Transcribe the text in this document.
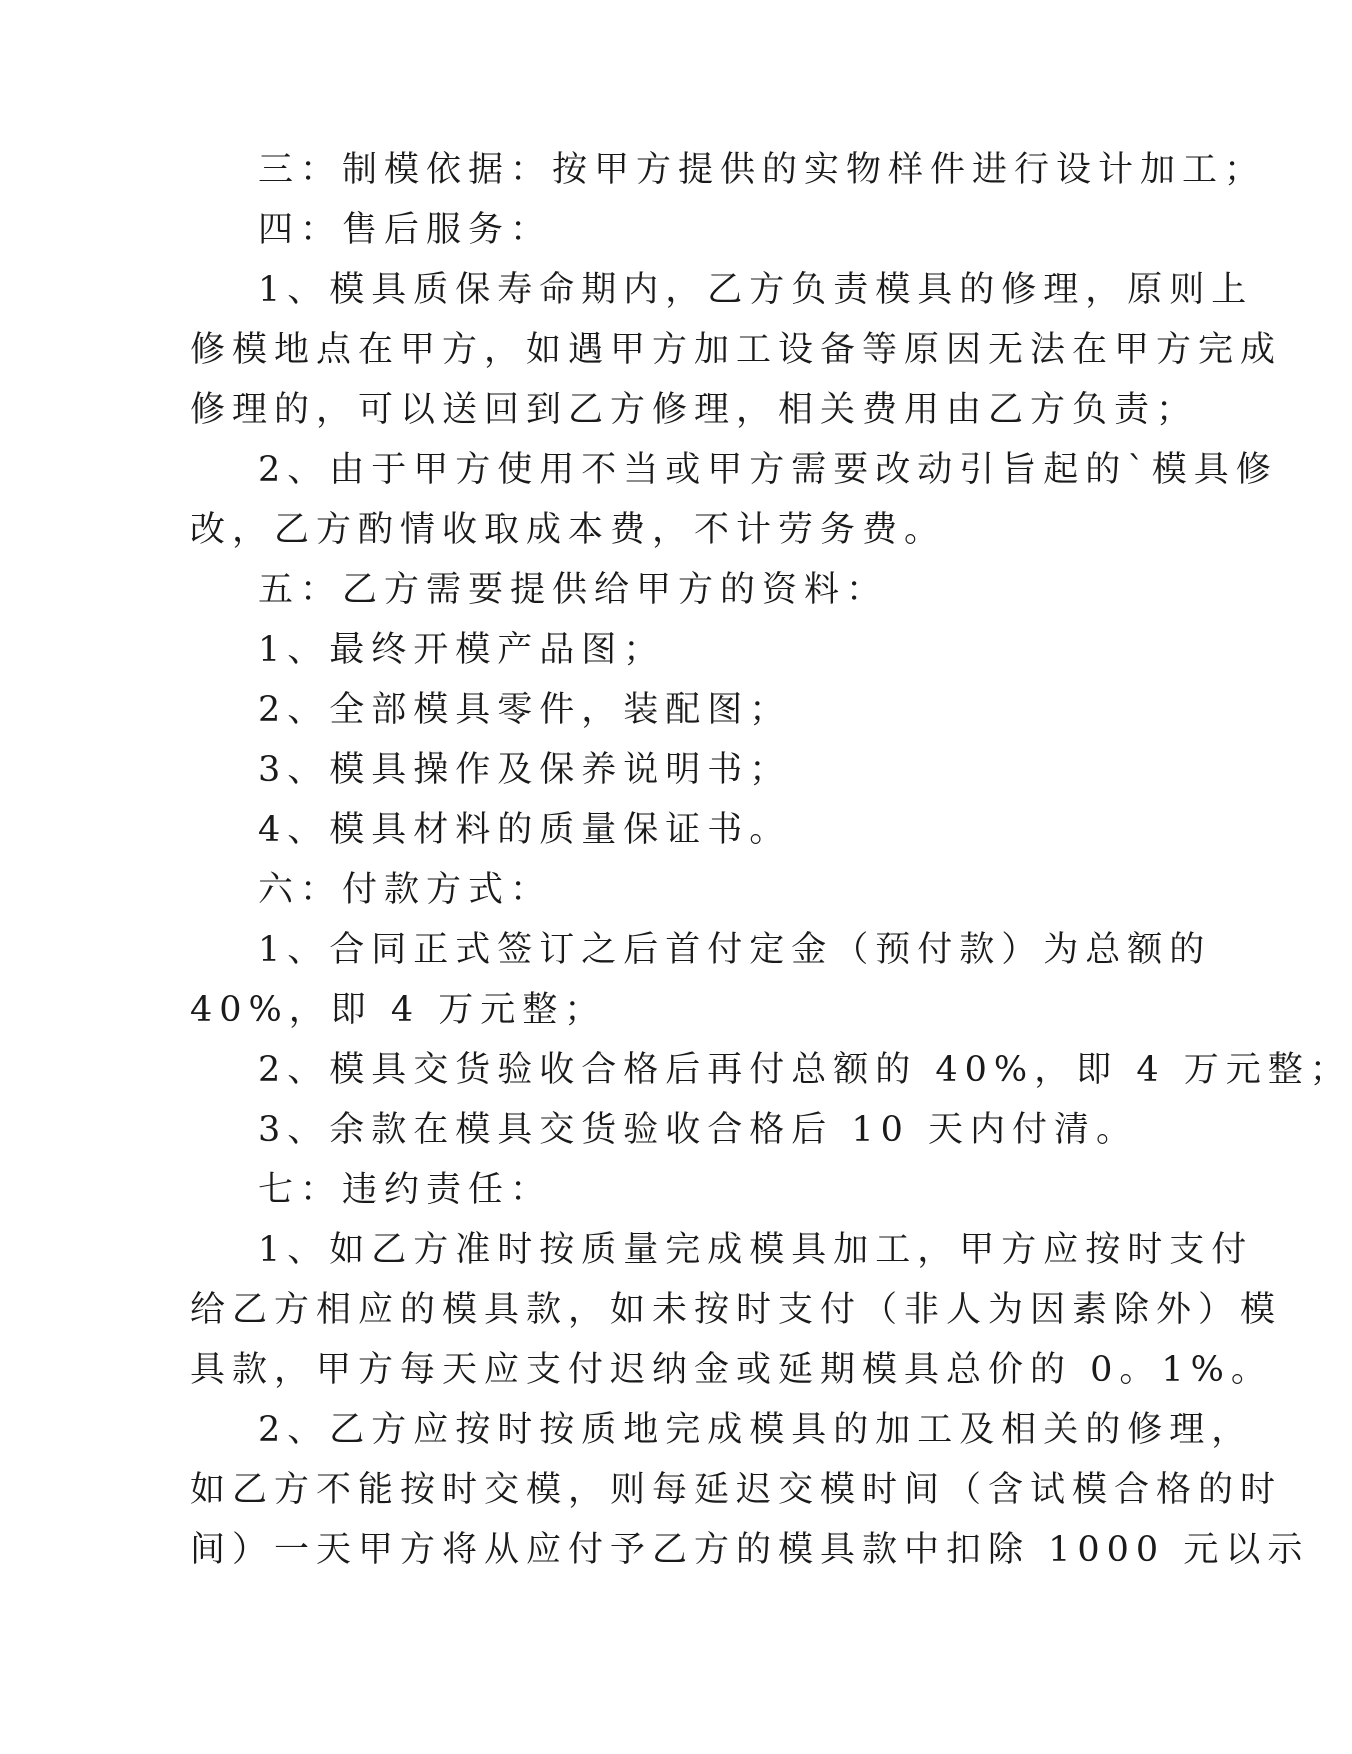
三：制模依据：按甲方提供的实物样件进行设计加工；
四：售后服务：
1、模具质保寿命期内，乙方负责模具的修理，原则上
修模地点在甲方，如遇甲方加工设备等原因无法在甲方完成
修理的，可以送回到乙方修理，相关费用由乙方负责；
2、由于甲方使用不当或甲方需要改动引旨起的`模具修
改，乙方酌情收取成本费，不计劳务费。
五：乙方需要提供给甲方的资料：
1、最终开模产品图；
2、全部模具零件，装配图；
3、模具操作及保养说明书；
4、模具材料的质量保证书。
六：付款方式：
1、合同正式签订之后首付定金（预付款）为总额的
40%，即 4 万元整；
2、模具交货验收合格后再付总额的 40%，即 4 万元整；
3、余款在模具交货验收合格后 10 天内付清。
七：违约责任：
1、如乙方准时按质量完成模具加工，甲方应按时支付
给乙方相应的模具款，如未按时支付（非人为因素除外）模
具款，甲方每天应支付迟纳金或延期模具总价的 0。1%。
2、乙方应按时按质地完成模具的加工及相关的修理，
如乙方不能按时交模，则每延迟交模时间（含试模合格的时
间）一天甲方将从应付予乙方的模具款中扣除 1000 元以示
